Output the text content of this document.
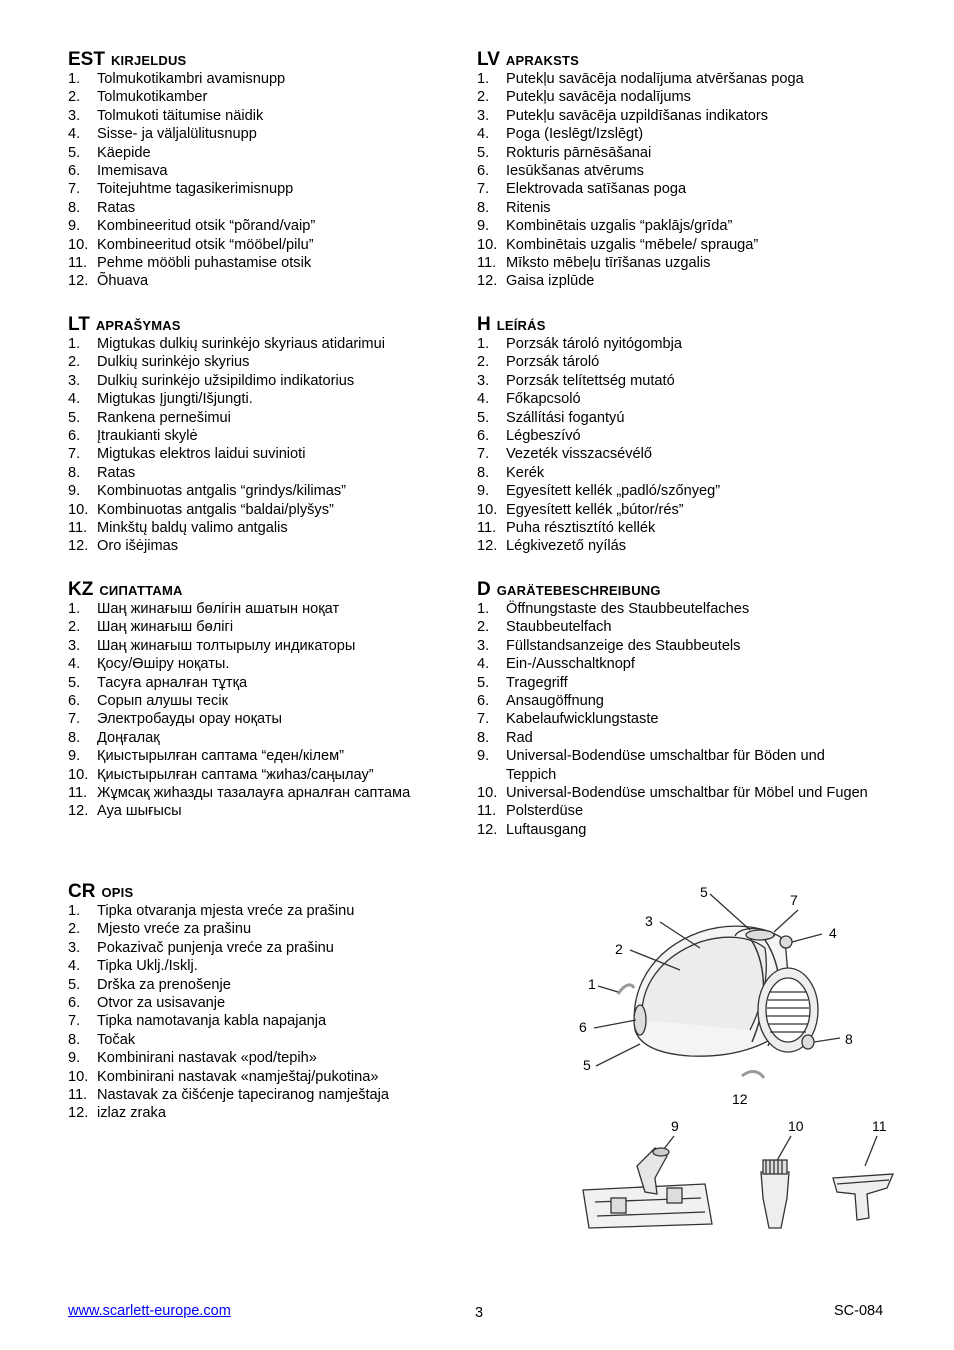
EST KIRJELDUS
1. Tolmukotikambri avamisnupp
2. Tolmukotikamber
3. Tolmukoti täitumise näidik
4. Sisse- ja väljalülitusnupp
5. Käepide
6. Imemisava
7. Toitejuhtme tagasikerimisnupp
8. Ratas
9. Kombineeritud otsik “põrand/vaip”
10. Kombineeritud otsik “mööbel/pilu”
11. Pehme mööbli puhastamise otsik
12. Õhuava
LT APRAŠYMAS
1. Migtukas dulkių surinkėjo skyriaus atidarimui
2. Dulkių surinkėjo skyrius
3. Dulkių surinkėjo užsipildimo indikatorius
4. Migtukas Įjungti/Išjungti.
5. Rankena pernešimui
6. Įtraukianti skylė
7. Migtukas elektros laidui suvinioti
8. Ratas
9. Kombinuotas antgalis “grindys/kilimas”
10. Kombinuotas antgalis “baldai/plyšys”
11. Minkštų baldų valimo antgalis
12. Oro išėjimas
KZ СИПАТТАМА
1. Шаң жинағыш бөлігін ашатын ноқат
2. Шаң жинағыш бөлігі
3. Шаң жинағыш толтырылу индикаторы
4. Қосу/Өшіру ноқаты.
5. Тасуға арналған тұтқа
6. Сорып алушы тесік
7. Электробауды орау ноқаты
8. Доңғалақ
9. Қиыстырылған саптама “еден/кілем”
10. Қиыстырылған саптама “жиһаз/саңылау”
11. Жұмсақ жиһазды тазалауға арналған саптама
12. Ауа шығысы
CR OPIS
1. Tipka otvaranja mjesta vreće za prašinu
2. Mjesto vreće za prašinu
3. Pokazivač punjenja vreće za prašinu
4. Tipka Uklj./Isklj.
5. Drška za prenošenje
6. Otvor za usisavanje
7. Tipka namotavanja kabla napajanja
8. Točak
9. Kombinirani nastavak «pod/tepih»
10. Kombinirani nastavak «namještaj/pukotina»
11. Nastavak za čišćenje tapeciranog namještaja
12. izlaz zraka
LV APRAKSTS
1. Putekļu savācēja nodalījuma atvēršanas poga
2. Putekļu savācēja nodalījums
3. Putekļu savācēja uzpildīšanas indikators
4. Poga (Ieslēgt/Izslēgt)
5. Rokturis pārnēsāšanai
6. Iesūkšanas atvērums
7. Elektrovada satīšanas poga
8. Ritenis
9. Kombinētais uzgalis “paklājs/grīda”
10. Kombinētais uzgalis “mēbele/ sprauga”
11. Mīksto mēbeļu tīrīšanas uzgalis
12. Gaisa izplūde
H LEÍRÁS
1. Porzsák tároló nyitógombja
2. Porzsák tároló
3. Porzsák telítettség mutató
4. Főkapcsoló
5. Szállítási fogantyú
6. Légbeszívó
7. Vezeték visszacsévélő
8. Kerék
9. Egyesített kellék „padló/szőnyeg”
10. Egyesített kellék „bútor/rés”
11. Puha résztisztító kellék
12. Légkivezető nyílás
D GARÄTEBESCHREIBUNG
1. Öffnungstaste des Staubbeutelfaches
2. Staubbeutelfach
3. Füllstandsanzeige des Staubbeutels
4. Ein-/Ausschaltknopf
5. Tragegriff
6. Ansaugöffnung
7. Kabelaufwicklungstaste
8. Rad
9. Universal-Bodendüse umschaltbar für Böden und Teppich
10. Universal-Bodendüse umschaltbar für Möbel und Fugen
11. Polsterdüse
12. Luftausgang
5	7
3
4
2
1
6
8
5
12
9	10	11
www.scarlett-europe.com	3	SC-084
